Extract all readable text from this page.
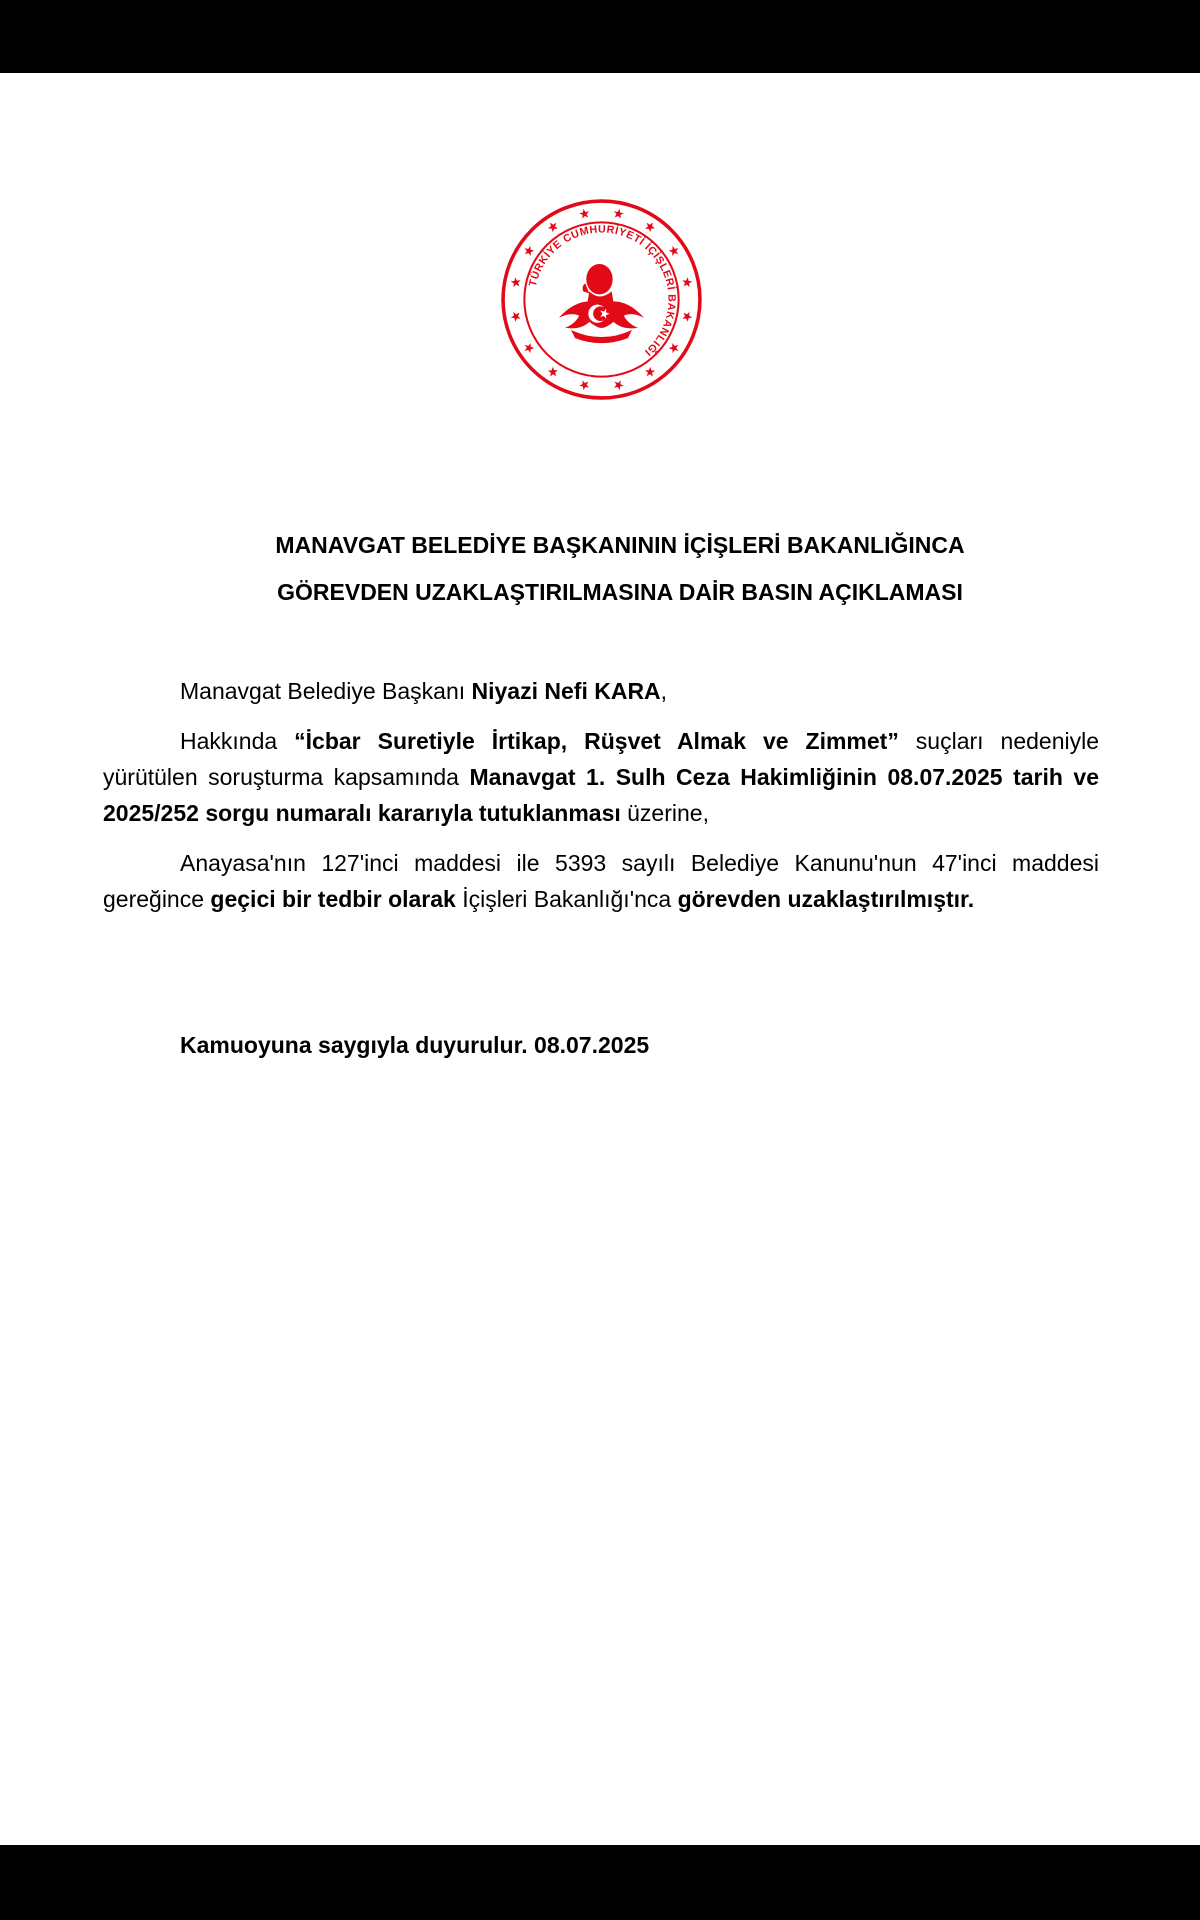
TÜRKİYE CUMHURİYETİ İÇİŞLERİ BAKANLIĞI
MANAVGAT BELEDİYE BAŞKANININ İÇİŞLERİ BAKANLIĞINCA
GÖREVDEN UZAKLAŞTIRILMASINA DAİR BASIN AÇIKLAMASI

Manavgat Belediye Başkanı Niyazi Nefi KARA,

Hakkında “İcbar Suretiyle İrtikap, Rüşvet Almak ve Zimmet” suçları nedeniyle yürütülen soruşturma kapsamında Manavgat 1. Sulh Ceza Hakimliğinin 08.07.2025 tarih ve 2025/252 sorgu numaralı kararıyla tutuklanması üzerine,

Anayasa'nın 127'inci maddesi ile 5393 sayılı Belediye Kanunu'nun 47'inci maddesi gereğince geçici bir tedbir olarak İçişleri Bakanlığı'nca görevden uzaklaştırılmıştır.

Kamuoyuna saygıyla duyurulur. 08.07.2025
